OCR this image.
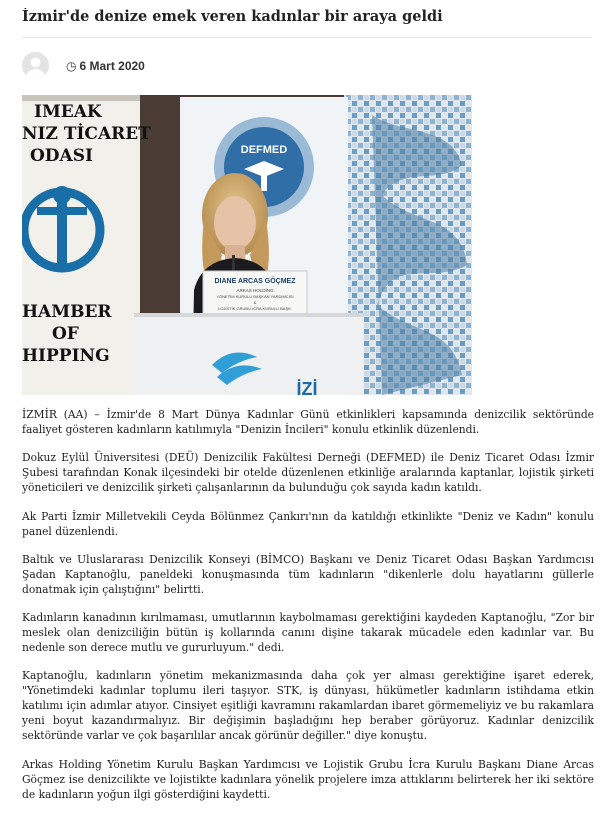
İzmir'de denize emek veren kadınlar bir araya geldi
◷ 6 Mart 2020
IMEAK
NIZ TİCARET
ODASI
HAMBER
OF
HIPPING
DEFMED
DIANE ARCAS GÖÇMEZ
ARKAS HOLDİNG
YÖNETİM KURULU BAŞKAN YARDIMCISI
&
LOJİSTİK GRUBU İCRA KURULU BAŞK.
İZİ

İZMİR (AA) – İzmir'de 8 Mart Dünya Kadınlar Günü etkinlikleri kapsamında denizcilik sektöründe faaliyet gösteren kadınların katılımıyla "Denizin İncileri" konulu etkinlik düzenlendi.

Dokuz Eylül Üniversitesi (DEÜ) Denizcilik Fakültesi Derneği (DEFMED) ile Deniz Ticaret Odası İzmir Şubesi tarafından Konak ilçesindeki bir otelde düzenlenen etkinliğe aralarında kaptanlar, lojistik şirketi yöneticileri ve denizcilik şirketi çalışanlarının da bulunduğu çok sayıda kadın katıldı.

Ak Parti İzmir Milletvekili Ceyda Bölünmez Çankırı'nın da katıldığı etkinlikte "Deniz ve Kadın" konulu panel düzenlendi.

Baltık ve Uluslararası Denizcilik Konseyi (BİMCO) Başkanı ve Deniz Ticaret Odası Başkan Yardımcısı Şadan Kaptanoğlu, paneldeki konuşmasında tüm kadınların "dikenlerle dolu hayatlarını güllerle donatmak için çalıştığını" belirtti.

Kadınların kanadının kırılmaması, umutlarının kaybolmaması gerektiğini kaydeden Kaptanoğlu, "Zor bir meslek olan denizciliğin bütün iş kollarında canını dişine takarak mücadele eden kadınlar var. Bu nedenle son derece mutlu ve gururluyum." dedi.

Kaptanoğlu, kadınların yönetim mekanizmasında daha çok yer alması gerektiğine işaret ederek, "Yönetimdeki kadınlar toplumu ileri taşıyor. STK, iş dünyası, hükümetler kadınların istihdama etkin katılımı için adımlar atıyor. Cinsiyet eşitliği kavramını rakamlardan ibaret görmemeliyiz ve bu rakamlara yeni boyut kazandırmalıyız. Bir değişimin başladığını hep beraber görüyoruz. Kadınlar denizcilik sektöründe varlar ve çok başarılılar ancak görünür değiller." diye konuştu.

Arkas Holding Yönetim Kurulu Başkan Yardımcısı ve Lojistik Grubu İcra Kurulu Başkanı Diane Arcas Göçmez ise denizcilikte ve lojistikte kadınlara yönelik projelere imza attıklarını belirterek her iki sektöre de kadınların yoğun ilgi gösterdiğini kaydetti.
